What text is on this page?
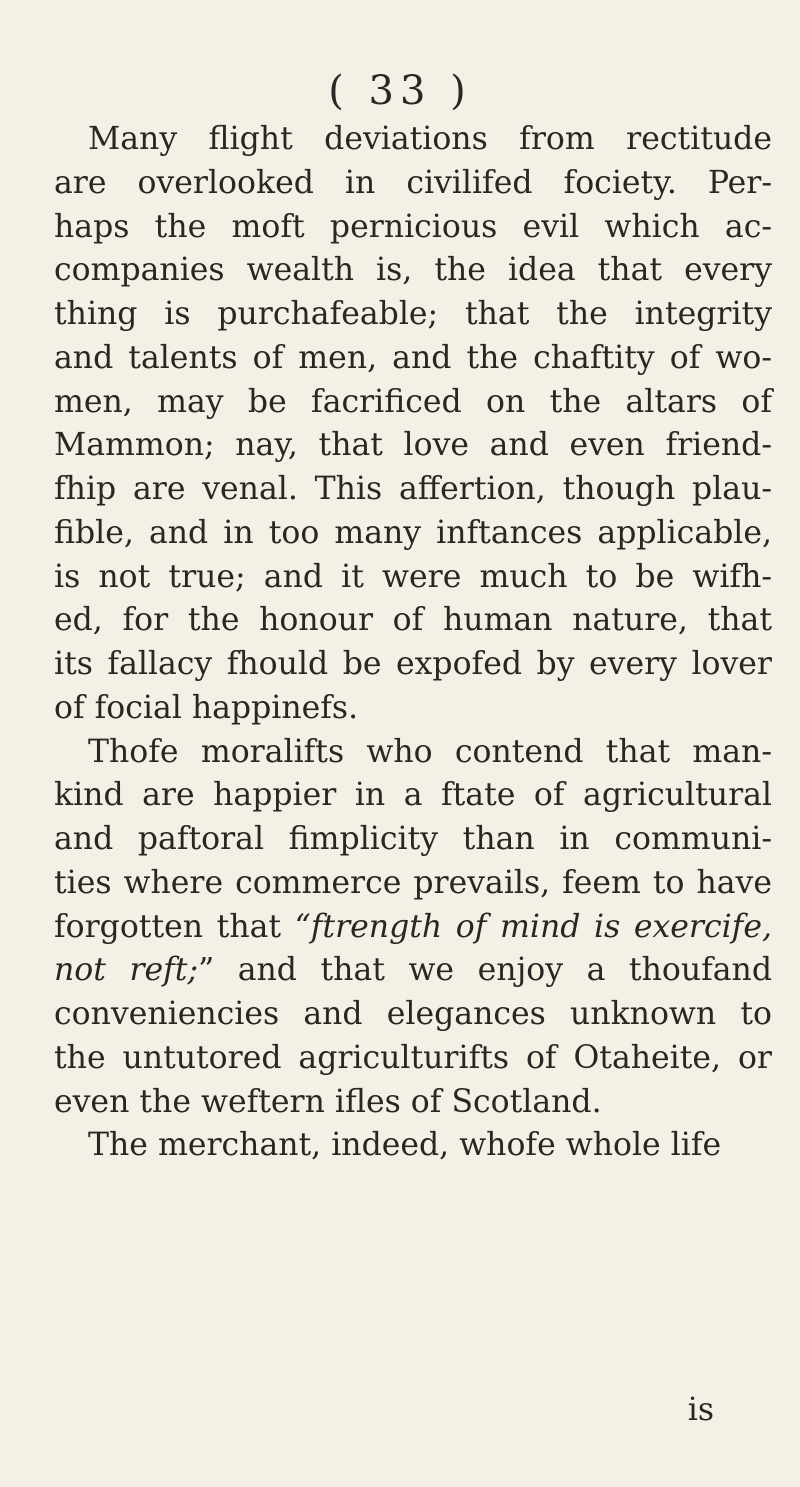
( 33 )
Many flight deviations from rectitude
are overlooked in civilifed fociety. Per-
haps the moft pernicious evil which ac-
companies wealth is, the idea that every
thing is purchafeable; that the integrity
and talents of men, and the chaftity of wo-
men, may be facrificed on the altars of
Mammon; nay, that love and even friend-
fhip are venal. This affertion, though plau-
fible, and in too many inftances applicable,
is not true; and it were much to be wifh-
ed, for the honour of human nature, that
its fallacy fhould be expofed by every lover
of focial happinefs.
Thofe moralifts who contend that man-
kind are happier in a ftate of agricultural
and paftoral fimplicity than in communi-
ties where commerce prevails, feem to have
forgotten that “ftrength of mind is exercife,
not reft;” and that we enjoy a thoufand
conveniencies and elegances unknown to
the untutored agriculturifts of Otaheite, or
even the weftern ifles of Scotland.
The merchant, indeed, whofe whole life
is
